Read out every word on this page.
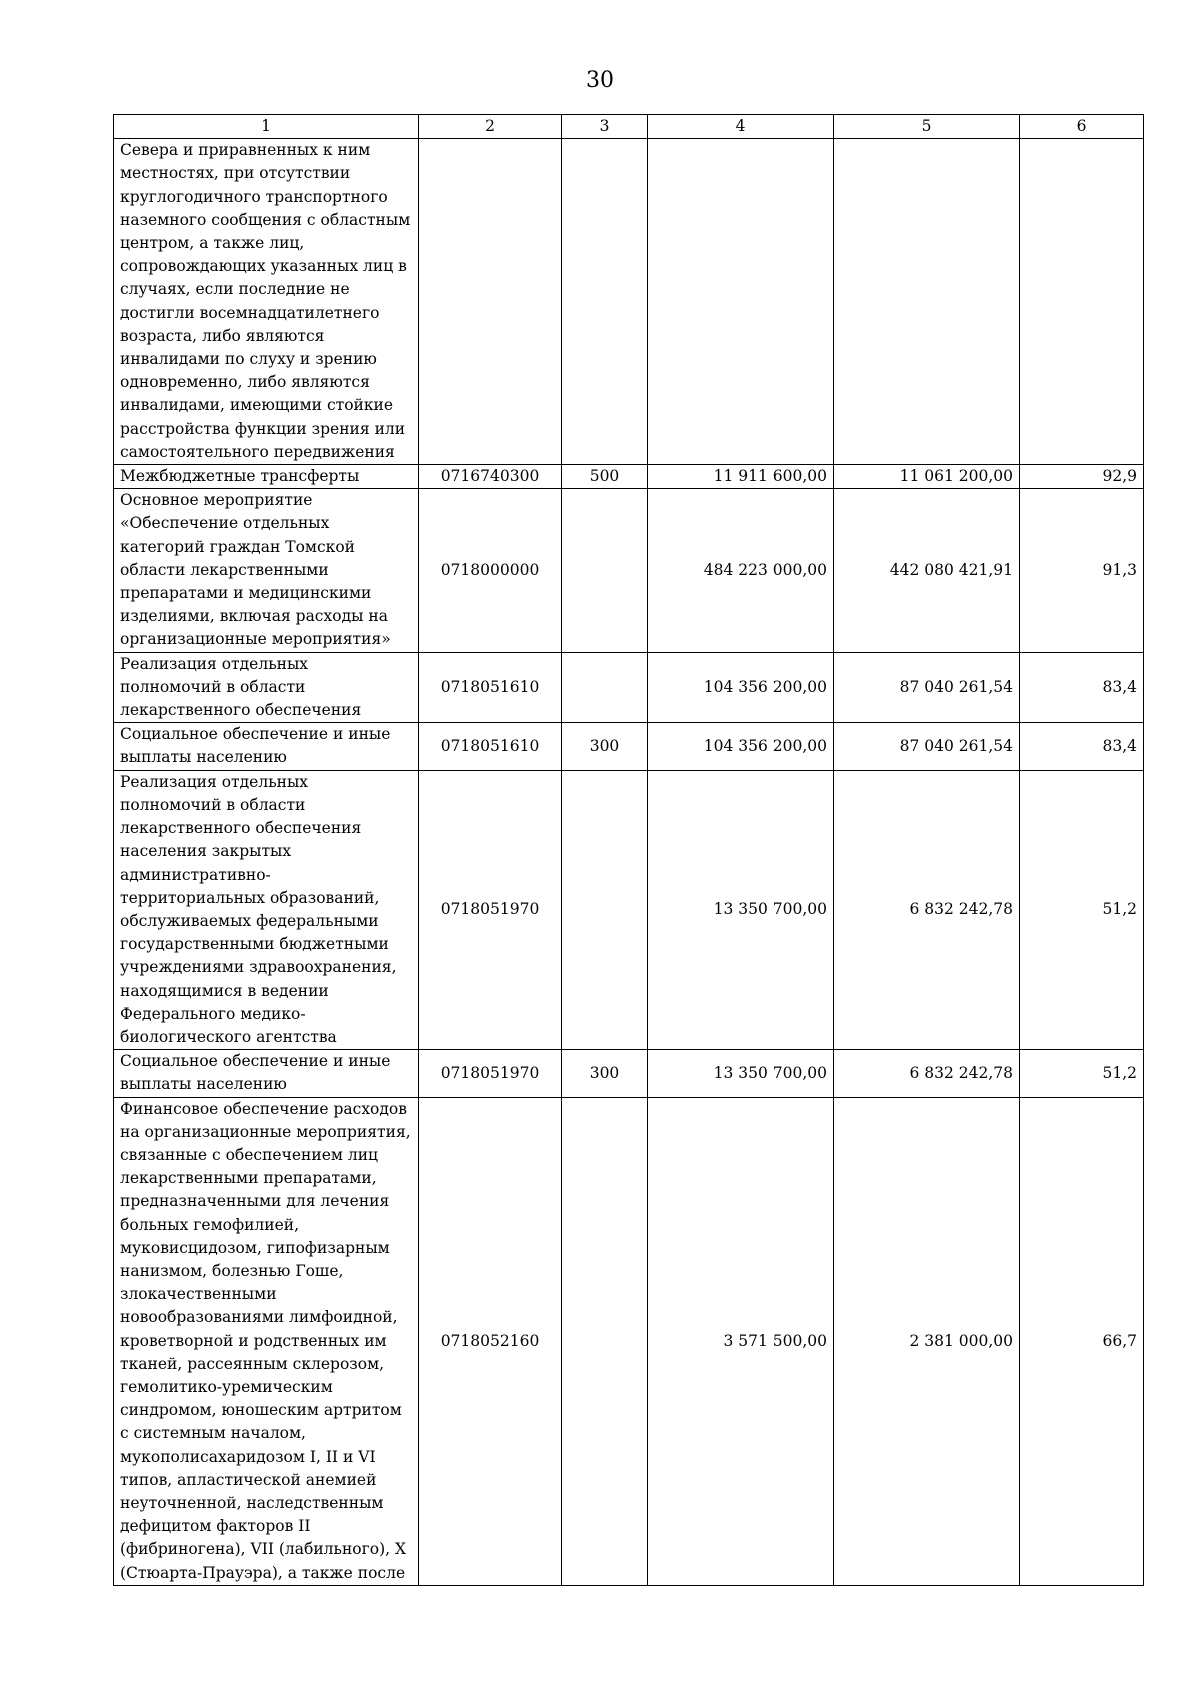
30
1	2	3	4	5	6
Севера и приравненных к ним местностях, при отсутствии круглогодичного транспортного наземного сообщения с областным центром, а также лиц, сопровождающих указанных лиц в случаях, если последние не достигли восемнадцатилетнего возраста, либо являются инвалидами по слуху и зрению одновременно, либо являются инвалидами, имеющими стойкие расстройства функции зрения или самостоятельного передвижения					
Межбюджетные трансферты	0716740300	500	11 911 600,00	11 061 200,00	92,9
Основное мероприятие «Обеспечение отдельных категорий граждан Томской области лекарственными препаратами и медицинскими изделиями, включая расходы на организационные мероприятия»	0718000000		484 223 000,00	442 080 421,91	91,3
Реализация отдельных полномочий в области лекарственного обеспечения	0718051610		104 356 200,00	87 040 261,54	83,4
Социальное обеспечение и иные выплаты населению	0718051610	300	104 356 200,00	87 040 261,54	83,4
Реализация отдельных полномочий в области лекарственного обеспечения населения закрытых административно-территориальных образований, обслуживаемых федеральными государственными бюджетными учреждениями здравоохранения, находящимися в ведении Федерального медико-биологического агентства	0718051970		13 350 700,00	6 832 242,78	51,2
Социальное обеспечение и иные выплаты населению	0718051970	300	13 350 700,00	6 832 242,78	51,2
Финансовое обеспечение расходов на организационные мероприятия, связанные с обеспечением лиц лекарственными препаратами, предназначенными для лечения больных гемофилией, муковисцидозом, гипофизарным нанизмом, болезнью Гоше, злокачественными новообразованиями лимфоидной, кроветворной и родственных им тканей, рассеянным склерозом, гемолитико-уремическим синдромом, юношеским артритом с системным началом, мукополисахаридозом I, II и VI типов, апластической анемией неуточненной, наследственным дефицитом факторов II (фибриногена), VII (лабильного), X (Стюарта-Прауэра), а также после	0718052160		3 571 500,00	2 381 000,00	66,7
